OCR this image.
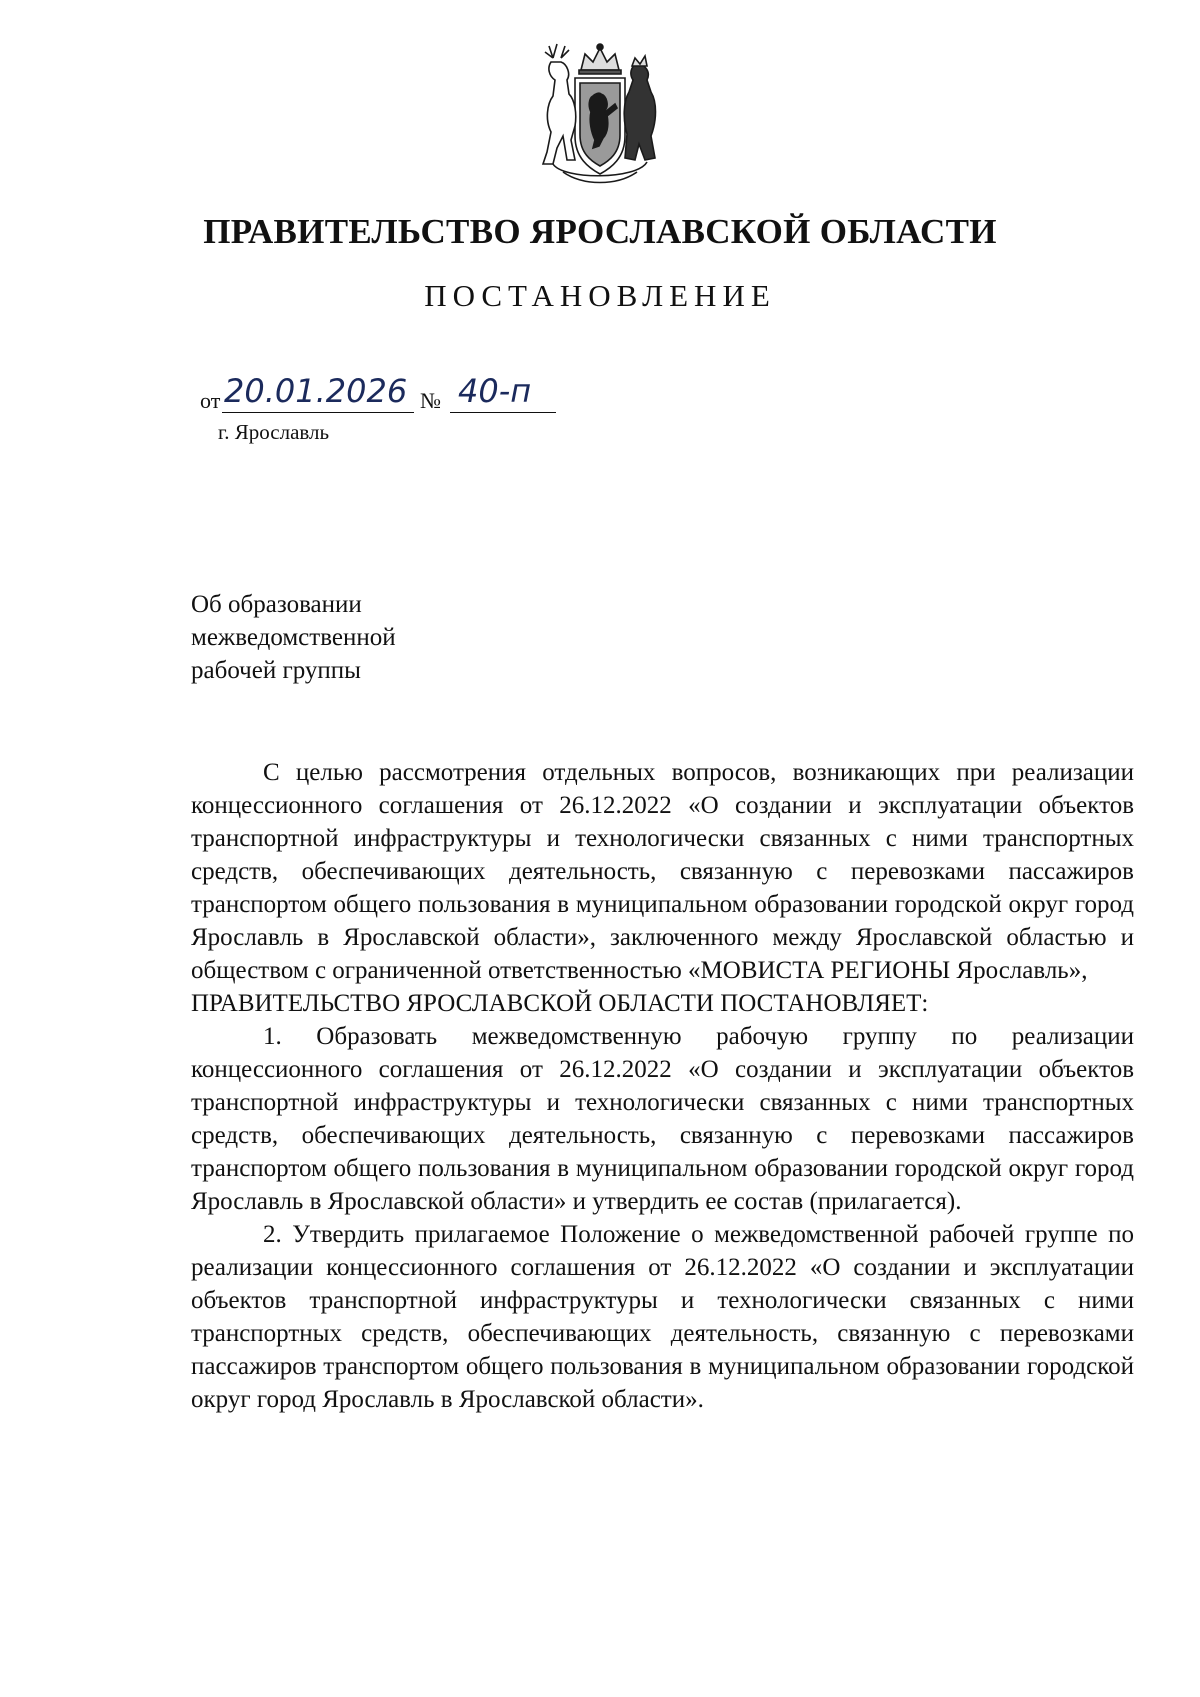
ПРАВИТЕЛЬСТВО ЯРОСЛАВСКОЙ ОБЛАСТИ
ПОСТАНОВЛЕНИЕ
от 20.01.2026 № 40-п
г. Ярославль
Об образовании
межведомственной
рабочей группы

С целью рассмотрения отдельных вопросов, возникающих при реализации концессионного соглашения от 26.12.2022 «О создании и эксплуатации объектов транспортной инфраструктуры и технологически связанных с ними транспортных средств, обеспечивающих деятельность, связанную с перевозками пассажиров транспортом общего пользования в муниципальном образовании городской округ город Ярославль в Ярославской области», заключенного между Ярославской областью и обществом с ограниченной ответственностью «МОВИСТА РЕГИОНЫ Ярославль»,

ПРАВИТЕЛЬСТВО ЯРОСЛАВСКОЙ ОБЛАСТИ ПОСТАНОВЛЯЕТ:

1. Образовать межведомственную рабочую группу по реализации концессионного соглашения от 26.12.2022 «О создании и эксплуатации объектов транспортной инфраструктуры и технологически связанных с ними транспортных средств, обеспечивающих деятельность, связанную с перевозками пассажиров транспортом общего пользования в муниципальном образовании городской округ город Ярославль в Ярославской области» и утвердить ее состав (прилагается).

2. Утвердить прилагаемое Положение о межведомственной рабочей группе по реализации концессионного соглашения от 26.12.2022 «О создании и эксплуатации объектов транспортной инфраструктуры и технологически связанных с ними транспортных средств, обеспечивающих деятельность, связанную с перевозками пассажиров транспортом общего пользования в муниципальном образовании городской округ город Ярославль в Ярославской области».
